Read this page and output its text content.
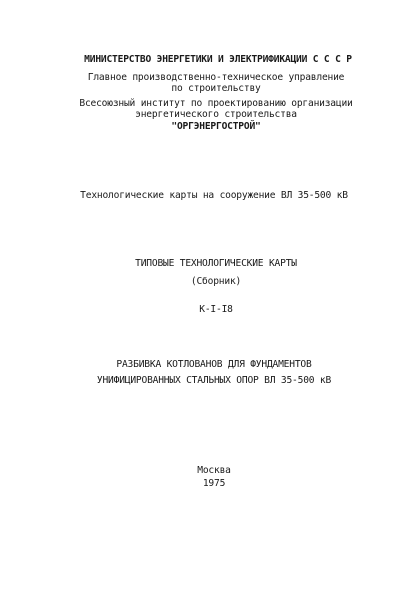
МИНИСТЕРСТВО ЭНЕРГЕТИКИ И ЭЛЕКТРИФИКАЦИИ С С С Р
Главное производственно-техническое управление
по строительству
Всесоюзный институт по проектированию организации
энергетического строительства
"ОРГЭНЕРГОСТРОЙ"
Технологические карты на сооружение ВЛ 35-500 кВ
ТИПОВЫЕ ТЕХНОЛОГИЧЕСКИЕ КАРТЫ
(Сборник)
К-I-I8
РАЗБИВКА КОТЛОВАНОВ ДЛЯ ФУНДАМЕНТОВ
УНИФИЦИРОВАННЫХ СТАЛЬНЫХ ОПОР ВЛ 35-500 кВ
Москва
1975
